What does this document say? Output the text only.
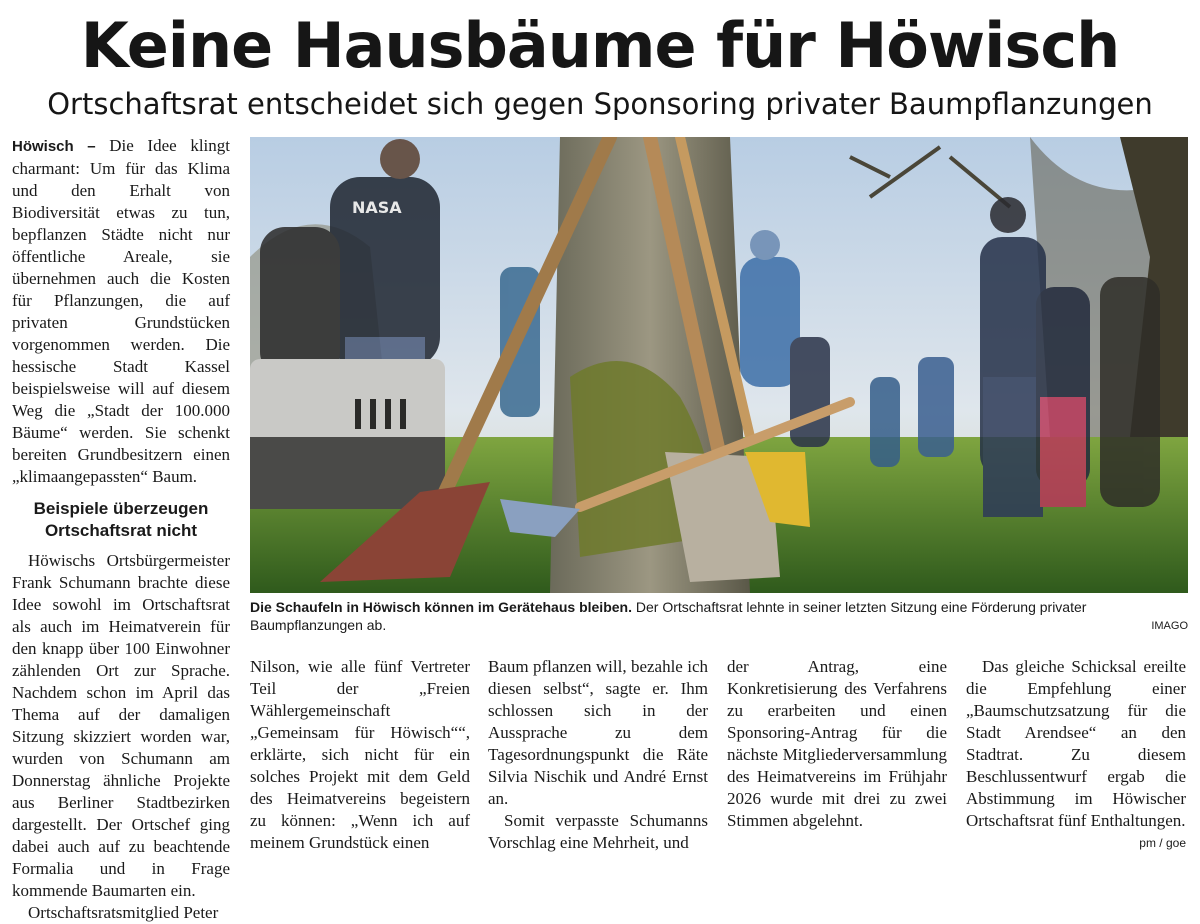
Keine Hausbäume für Höwisch
Ortschaftsrat entscheidet sich gegen Sponsoring privater Baumpflanzungen

Höwisch – Die Idee klingt charmant: Um für das Klima und den Erhalt von Biodiversität etwas zu tun, bepflanzen Städte nicht nur öffentliche Areale, sie übernehmen auch die Kosten für Pflanzungen, die auf privaten Grundstücken vorgenommen werden. Die hessische Stadt Kassel beispielsweise will auf diesem Weg die „Stadt der 100.000 Bäume“ werden. Sie schenkt bereiten Grundbesitzern einen „klimaangepassten“ Baum.

Beispiele überzeugen Ortschaftsrat nicht

Höwischs Ortsbürgermeister Frank Schumann brachte diese Idee sowohl im Ortschaftsrat als auch im Heimatverein für den knapp über 100 Einwohner zählenden Ort zur Sprache. Nachdem schon im April das Thema auf der damaligen Sitzung skizziert worden war, wurden von Schumann am Donnerstag ähnliche Projekte aus Berliner Stadtbezirken dargestellt. Der Ortschef ging dabei auch auf zu beachtende Formalia und in Frage kommende Baumarten ein.

Ortschaftsratsmitglied Peter

NASA
Die Schaufeln in Höwisch können im Gerätehaus bleiben. Der Ortschaftsrat lehnte in seiner letzten Sitzung eine Förderung privater Baumpflanzungen ab.	IMAGO

Nilson, wie alle fünf Vertreter Teil der „Freien Wählergemeinschaft „Gemeinsam für Höwisch““, erklärte, sich nicht für ein solches Projekt mit dem Geld des Heimatvereins begeistern zu können: „Wenn ich auf meinem Grundstück einen

Baum pflanzen will, bezahle ich diesen selbst“, sagte er. Ihm schlossen sich in der Aussprache zu dem Tagesordnungspunkt die Räte Silvia Nischik und André Ernst an.

Somit verpasste Schumanns Vorschlag eine Mehrheit, und

der Antrag, eine Konkretisierung des Verfahrens zu erarbeiten und einen Sponsoring-Antrag für die nächste Mitgliederversammlung des Heimatvereins im Frühjahr 2026 wurde mit drei zu zwei Stimmen abgelehnt.

Das gleiche Schicksal ereilte die Empfehlung einer „Baumschutzsatzung für die Stadt Arendsee“ an den Stadtrat. Zu diesem Beschlussentwurf ergab die Abstimmung im Höwischer Ortschaftsrat fünf Enthaltungen.

pm / goe
